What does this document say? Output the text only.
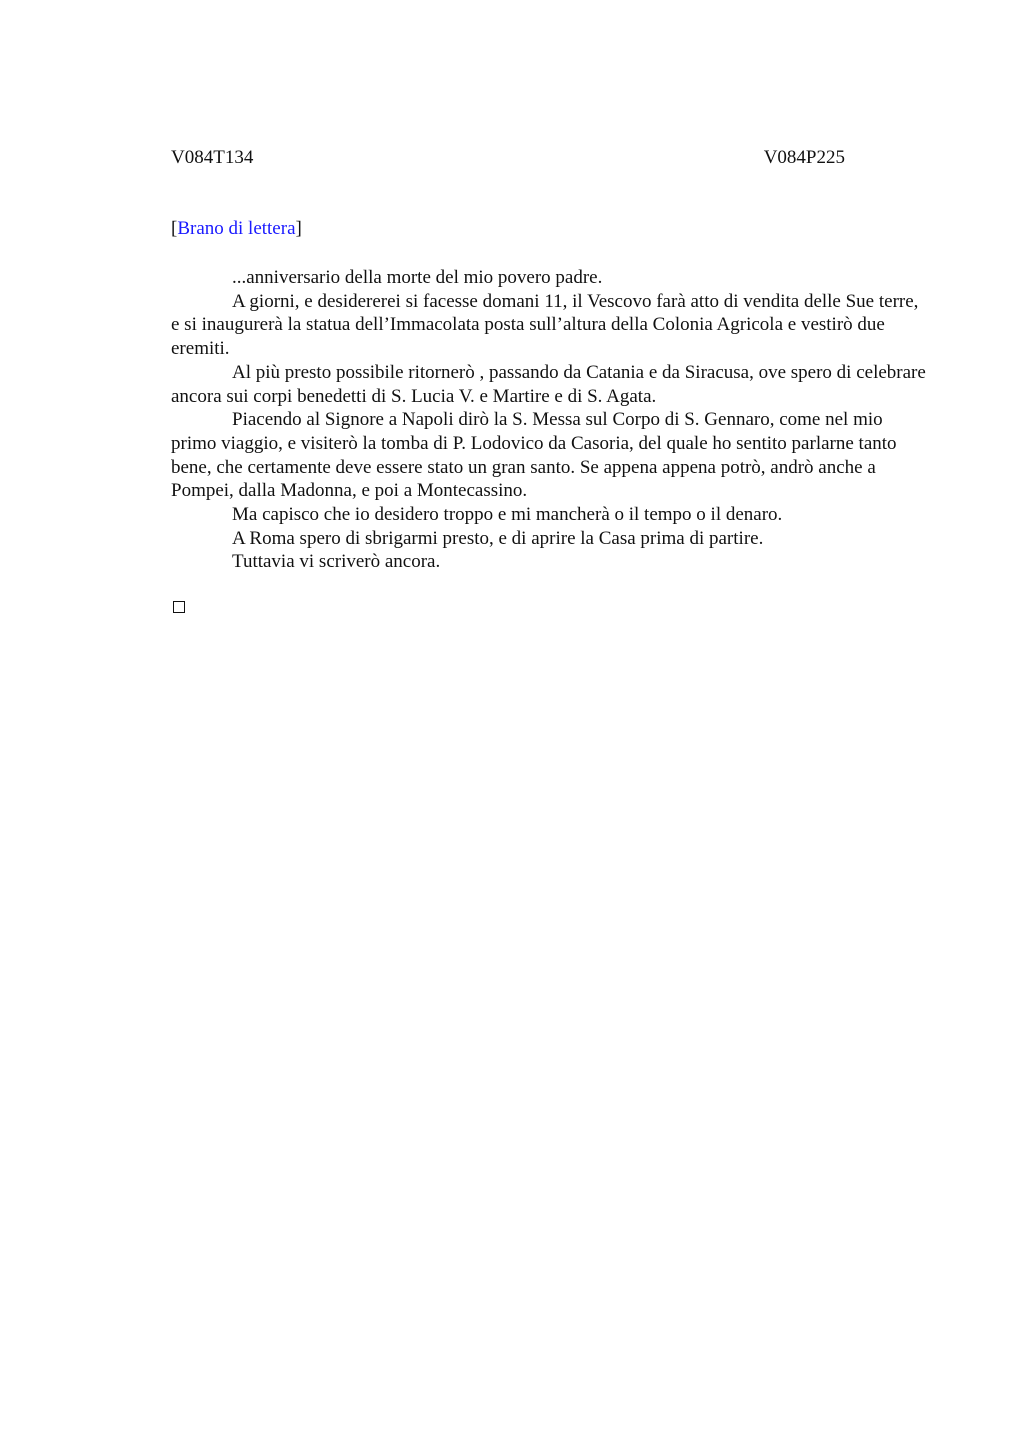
V084T134	V084P225
[Brano di lettera]

...anniversario della morte del mio povero padre.

A giorni, e desidererei si facesse domani 11, il Vescovo farà atto di vendita delle Sue terre, e si inaugurerà la statua dell’Immacolata posta sull’altura della Colonia Agricola e vestirò due eremiti.

Al più presto possibile ritornerò , passando da Catania e da Siracusa, ove spero di celebrare ancora sui corpi benedetti di S. Lucia V. e Martire e di S. Agata.

Piacendo al Signore a Napoli dirò la S. Messa sul Corpo di S. Gennaro, come nel mio primo viaggio, e visiterò la tomba di P. Lodovico da Casoria, del quale ho sentito parlarne tanto bene, che certamente deve essere stato un gran santo. Se appena appena potrò, andrò anche a Pompei, dalla Madonna, e poi a Montecassino.

Ma capisco che io desidero troppo e mi mancherà o il tempo o il denaro.

A Roma spero di sbrigarmi presto, e di aprire la Casa prima di partire.

Tuttavia vi scriverò ancora.
